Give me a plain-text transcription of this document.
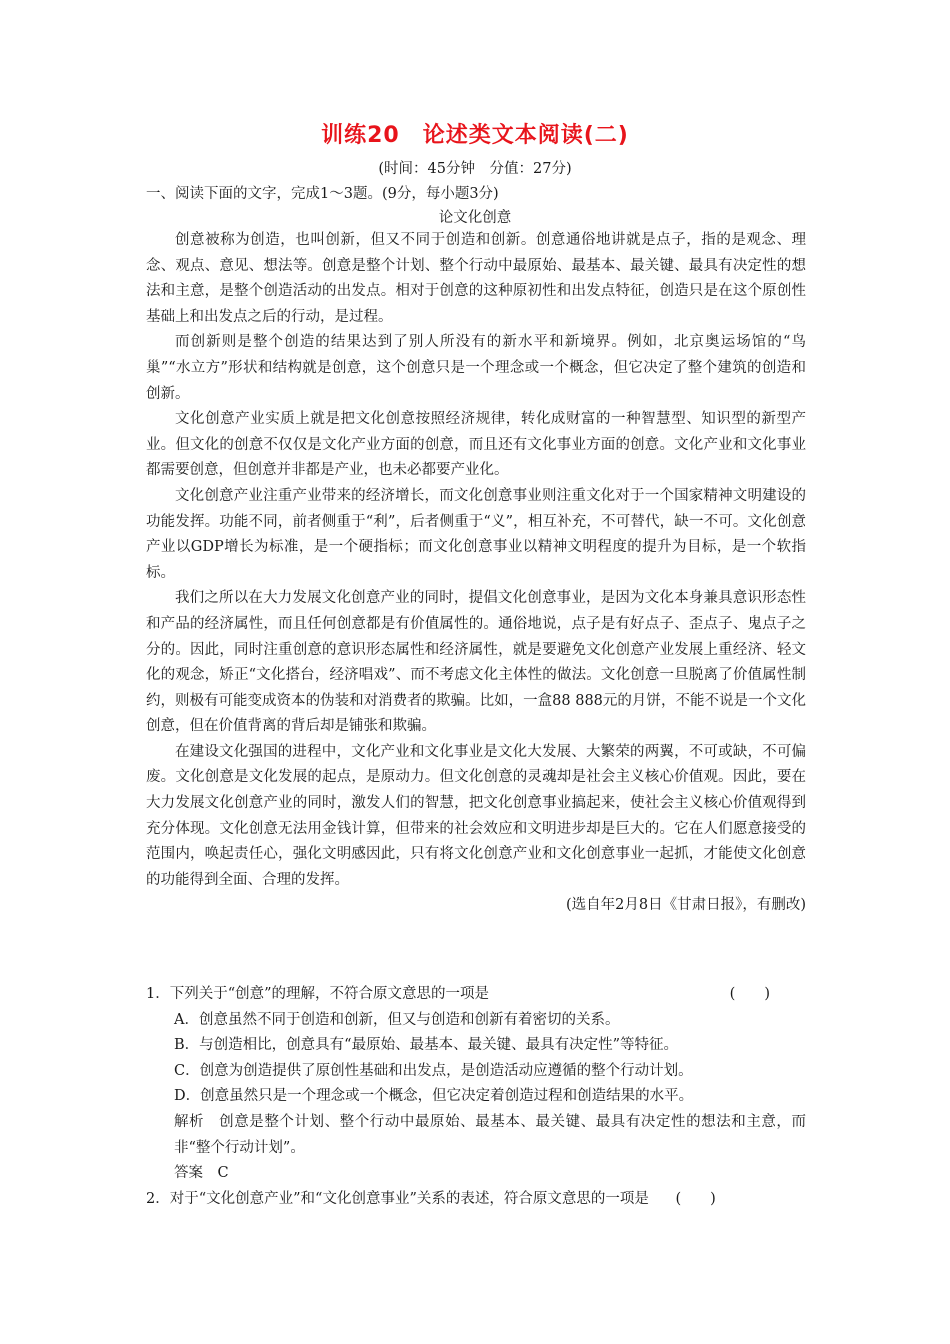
训练20　论述类文本阅读(二)
(时间：45分钟　分值：27分)
一、阅读下面的文字，完成1～3题。(9分，每小题3分)
论文化创意

创意被称为创造，也叫创新，但又不同于创造和创新。创意通俗地讲就是点子，指的是观念、理念、观点、意见、想法等。创意是整个计划、整个行动中最原始、最基本、最关键、最具有决定性的想法和主意，是整个创造活动的出发点。相对于创意的这种原初性和出发点特征，创造只是在这个原创性基础上和出发点之后的行动，是过程。

而创新则是整个创造的结果达到了别人所没有的新水平和新境界。例如，北京奥运场馆的“鸟巢”“水立方”形状和结构就是创意，这个创意只是一个理念或一个概念，但它决定了整个建筑的创造和创新。

文化创意产业实质上就是把文化创意按照经济规律，转化成财富的一种智慧型、知识型的新型产业。但文化的创意不仅仅是文化产业方面的创意，而且还有文化事业方面的创意。文化产业和文化事业都需要创意，但创意并非都是产业，也未必都要产业化。

文化创意产业注重产业带来的经济增长，而文化创意事业则注重文化对于一个国家精神文明建设的功能发挥。功能不同，前者侧重于“利”，后者侧重于“义”，相互补充，不可替代，缺一不可。文化创意产业以GDP增长为标准，是一个硬指标；而文化创意事业以精神文明程度的提升为目标，是一个软指标。

我们之所以在大力发展文化创意产业的同时，提倡文化创意事业，是因为文化本身兼具意识形态性和产品的经济属性，而且任何创意都是有价值属性的。通俗地说，点子是有好点子、歪点子、鬼点子之分的。因此，同时注重创意的意识形态属性和经济属性，就是要避免文化创意产业发展上重经济、轻文化的观念，矫正“文化搭台，经济唱戏”、而不考虑文化主体性的做法。文化创意一旦脱离了价值属性制约，则极有可能变成资本的伪装和对消费者的欺骗。比如，一盒88 888元的月饼，不能不说是一个文化创意，但在价值背离的背后却是铺张和欺骗。

在建设文化强国的进程中，文化产业和文化事业是文化大发展、大繁荣的两翼，不可或缺，不可偏废。文化创意是文化发展的起点，是原动力。但文化创意的灵魂却是社会主义核心价值观。因此，要在大力发展文化创意产业的同时，激发人们的智慧，把文化创意事业搞起来，使社会主义核心价值观得到充分体现。文化创意无法用金钱计算，但带来的社会效应和文明进步却是巨大的。它在人们愿意接受的范围内，唤起责任心，强化文明感因此，只有将文化创意产业和文化创意事业一起抓，才能使文化创意的功能得到全面、合理的发挥。

(选自年2月8日《甘肃日报》，有删改)

1．下列关于“创意”的理解，不符合原文意思的一项是	(　　)
A．创意虽然不同于创造和创新，但又与创造和创新有着密切的关系。
B．与创造相比，创意具有“最原始、最基本、最关键、最具有决定性”等特征。
C．创意为创造提供了原创性基础和出发点，是创造活动应遵循的整个行动计划。
D．创意虽然只是一个理念或一个概念，但它决定着创造过程和创造结果的水平。
解析　创意是整个计划、整个行动中最原始、最基本、最关键、最具有决定性的想法和主意，而非“整个行动计划”。
答案　C
2．对于“文化创意产业”和“文化创意事业”关系的表述，符合原文意思的一项是 (　　)
